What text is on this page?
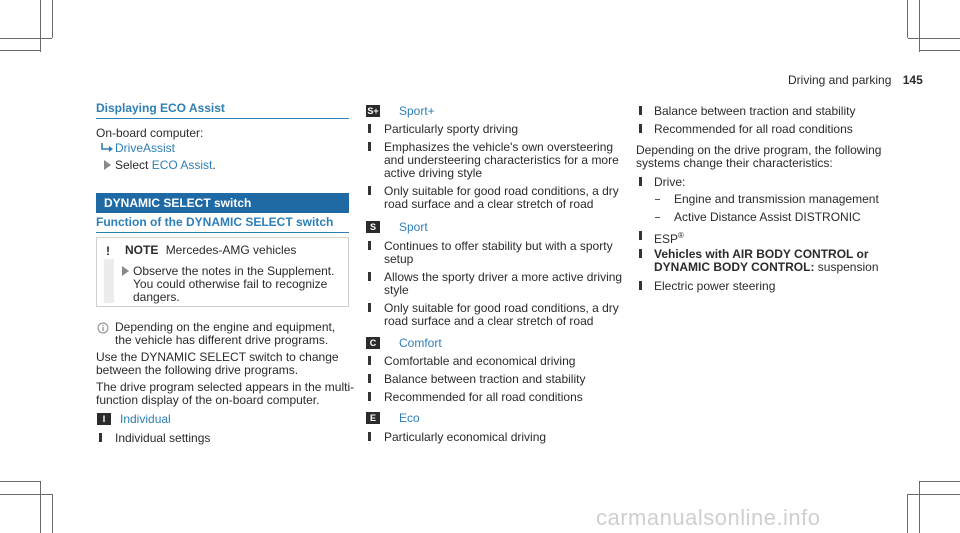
Driving and parking 145
Displaying ECO Assist
On-board computer:
DriveAssist
Select ECO Assist.
DYNAMIC SELECT switch
Function of the DYNAMIC SELECT switch
!	NOTE Mercedes-AMG vehicles
Observe the notes in the Supplement.
You could otherwise fail to recognize
dangers.
Depending on the engine and equipment,
the vehicle has different drive programs.
Use the DYNAMIC SELECT switch to change
between the following drive programs.
The drive program selected appears in the multi-
function display of the on-board computer.
I	Individual
Individual settings
S+ Sport+
Particularly sporty driving
Emphasizes the vehicle's own oversteering
and understeering characteristics for a more
active driving style
Only suitable for good road conditions, a dry
road surface and a clear stretch of road
S	Sport
Continues to offer stability but with a sporty
setup
Allows the sporty driver a more active driving
style
Only suitable for good road conditions, a dry
road surface and a clear stretch of road
C	Comfort
Comfortable and economical driving
Balance between traction and stability
Recommended for all road conditions
E	Eco
Particularly economical driving
Balance between traction and stability
Recommended for all road conditions
Depending on the drive program, the following
systems change their characteristics:
Drive:
Engine and transmission management
Active Distance Assist DISTRONIC
ESP®
Vehicles with AIR BODY CONTROL or
DYNAMIC BODY CONTROL: suspension
Electric power steering
carmanualsonline.info
